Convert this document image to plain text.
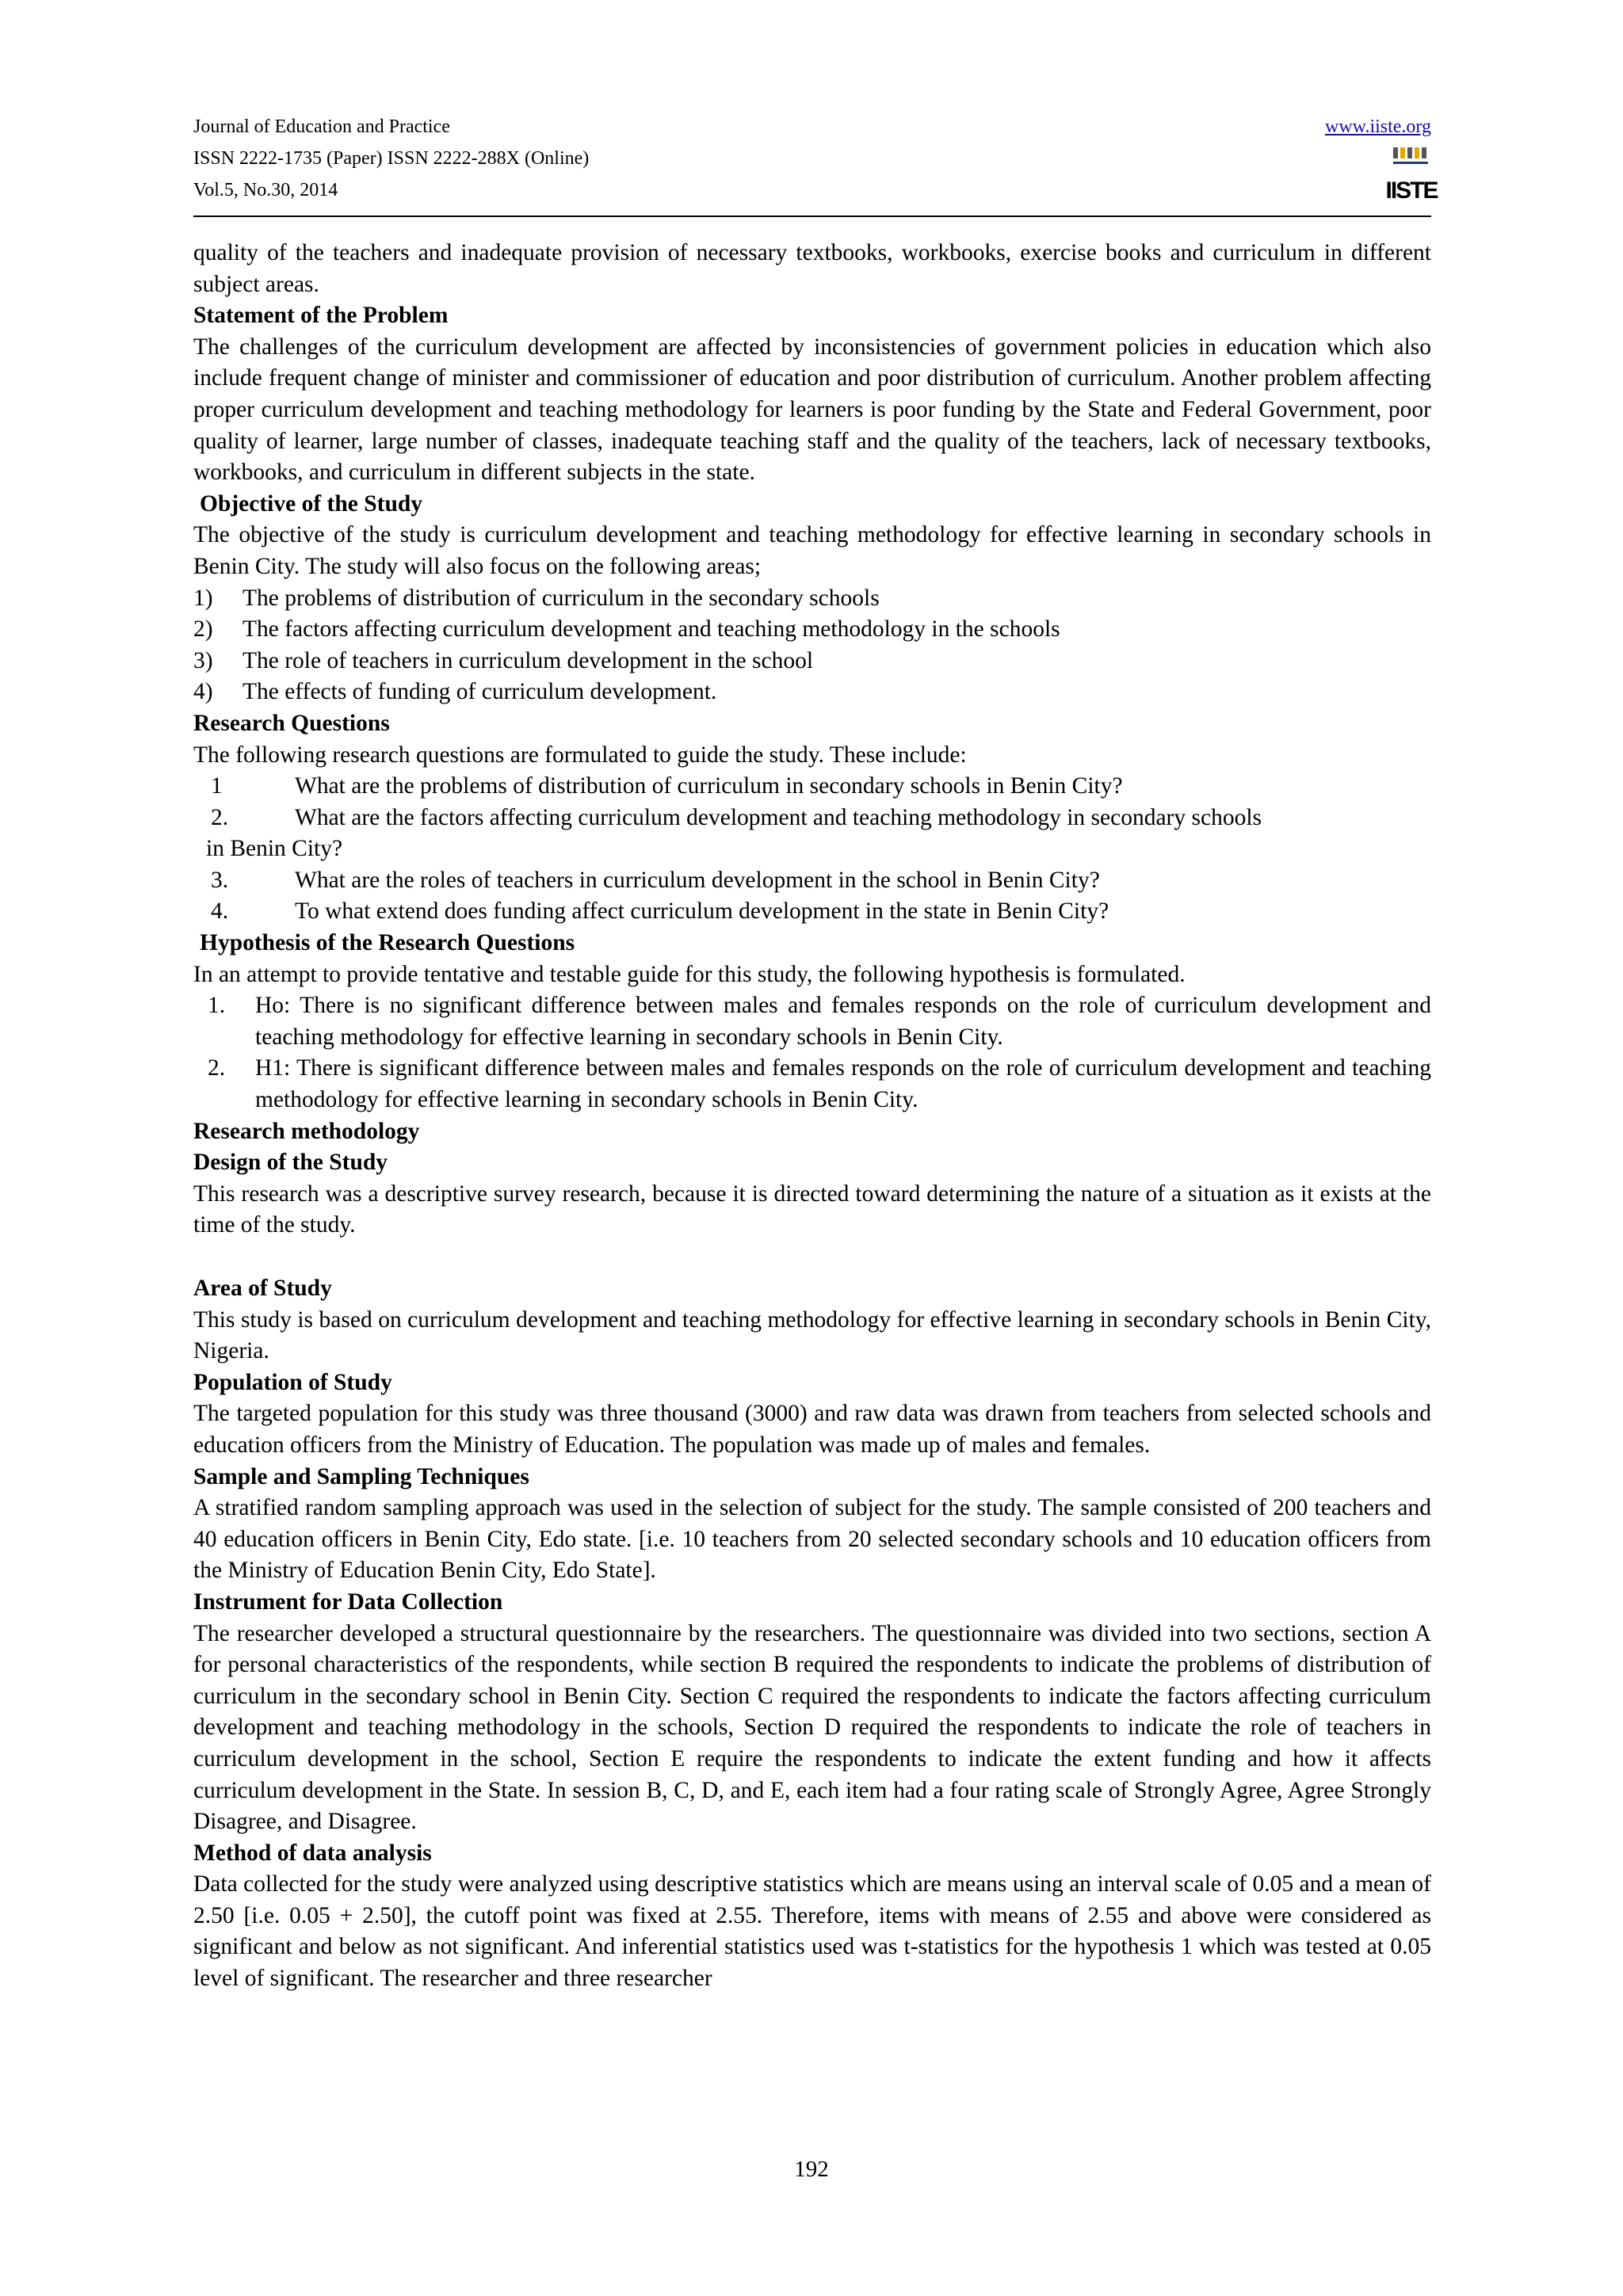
Journal of Education and Practice
ISSN 2222-1735 (Paper) ISSN 2222-288X (Online)
Vol.5, No.30, 2014
www.iiste.org
IISTE

quality of the teachers and inadequate provision of necessary textbooks, workbooks, exercise books and curriculum in different subject areas.

Statement of the Problem

The challenges of the curriculum development are affected by inconsistencies of government policies in education which also include frequent change of minister and commissioner of education and poor distribution of curriculum. Another problem affecting proper curriculum development and teaching methodology for learners is poor funding by the State and Federal Government, poor quality of learner, large number of classes, inadequate teaching staff and the quality of the teachers, lack of necessary textbooks, workbooks, and curriculum in different subjects in the state.

Objective of the Study

The objective of the study is curriculum development and teaching methodology for effective learning in secondary schools in Benin City. The study will also focus on the following areas;

1)	The problems of distribution of curriculum in the secondary schools
2)	The factors affecting curriculum development and teaching methodology in the schools
3)	The role of teachers in curriculum development in the school
4)	The effects of funding of curriculum development.

Research Questions

The following research questions are formulated to guide the study. These include:

1	What are the problems of distribution of curriculum in secondary schools in Benin City?
2.	What are the factors affecting curriculum development and teaching methodology in secondary schools
in Benin City?
3.	What are the roles of teachers in curriculum development in the school in Benin City?
4.	To what extend does funding affect curriculum development in the state in Benin City?

Hypothesis of the Research Questions

In an attempt to provide tentative and testable guide for this study, the following hypothesis is formulated.

1.	Ho: There is no significant difference between males and females responds on the role of curriculum development and teaching methodology for effective learning in secondary schools in Benin City.
2.	H1: There is significant difference between males and females responds on the role of curriculum development and teaching methodology for effective learning in secondary schools in Benin City.

Research methodology

Design of the Study

This research was a descriptive survey research, because it is directed toward determining the nature of a situation as it exists at the time of the study.

Area of Study

This study is based on curriculum development and teaching methodology for effective learning in secondary schools in Benin City, Nigeria.

Population of Study

The targeted population for this study was three thousand (3000) and raw data was drawn from teachers from selected schools and education officers from the Ministry of Education. The population was made up of males and females.

Sample and Sampling Techniques

A stratified random sampling approach was used in the selection of subject for the study. The sample consisted of 200 teachers and 40 education officers in Benin City, Edo state. [i.e. 10 teachers from 20 selected secondary schools and 10 education officers from the Ministry of Education Benin City, Edo State].

Instrument for Data Collection

The researcher developed a structural questionnaire by the researchers. The questionnaire was divided into two sections, section A for personal characteristics of the respondents, while section B required the respondents to indicate the problems of distribution of curriculum in the secondary school in Benin City. Section C required the respondents to indicate the factors affecting curriculum development and teaching methodology in the schools, Section D required the respondents to indicate the role of teachers in curriculum development in the school, Section E require the respondents to indicate the extent funding and how it affects curriculum development in the State. In session B, C, D, and E, each item had a four rating scale of Strongly Agree, Agree Strongly Disagree, and Disagree.

Method of data analysis

Data collected for the study were analyzed using descriptive statistics which are means using an interval scale of 0.05 and a mean of 2.50 [i.e. 0.05 + 2.50], the cutoff point was fixed at 2.55. Therefore, items with means of 2.55 and above were considered as significant and below as not significant. And inferential statistics used was t-statistics for the hypothesis 1 which was tested at 0.05 level of significant. The researcher and three researcher

192
